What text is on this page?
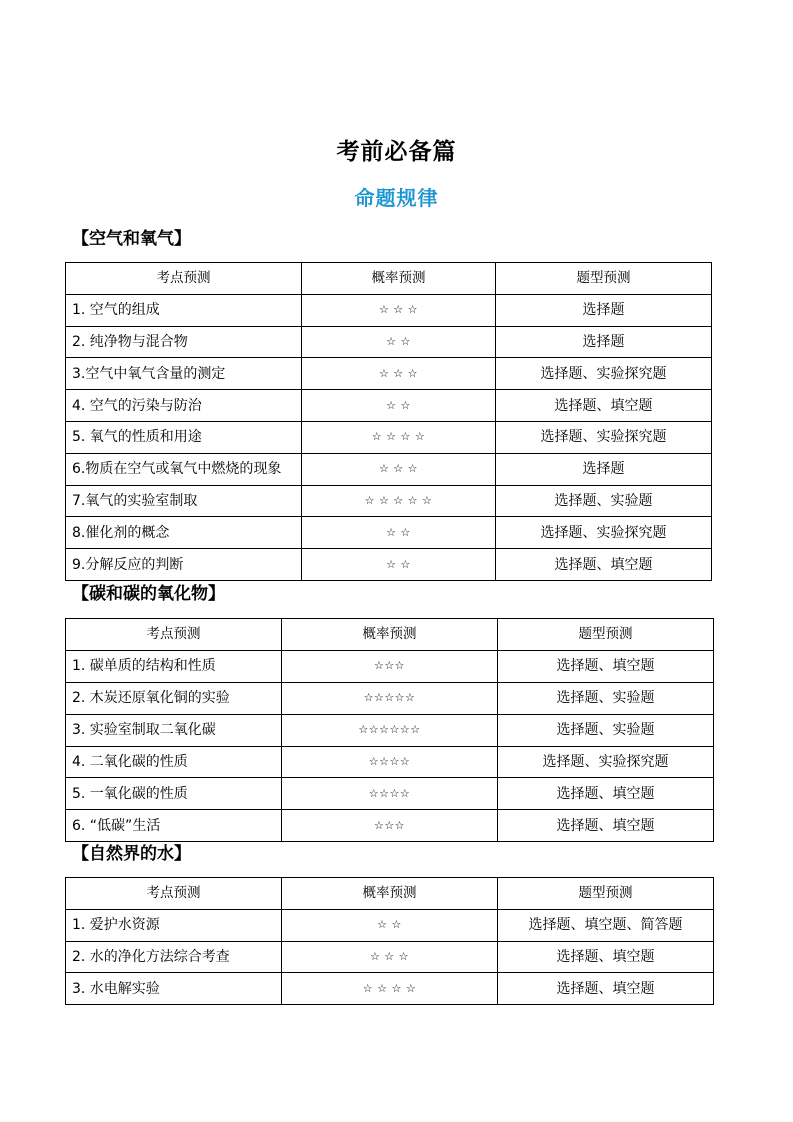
考前必备篇
命题规律
【空气和氧气】
考点预测	概率预测	题型预测
1. 空气的组成	☆ ☆ ☆	选择题
2. 纯净物与混合物	☆ ☆	选择题
3.空气中氧气含量的测定	☆ ☆ ☆	选择题、实验探究题
4. 空气的污染与防治	☆ ☆	选择题、填空题
5. 氧气的性质和用途	☆ ☆ ☆ ☆	选择题、实验探究题
6.物质在空气或氧气中燃烧的现象	☆ ☆ ☆	选择题
7.氧气的实验室制取	☆ ☆ ☆ ☆ ☆	选择题、实验题
8.催化剂的概念	☆ ☆	选择题、实验探究题
9.分解反应的判断	☆ ☆	选择题、填空题
【碳和碳的氧化物】
考点预测	概率预测	题型预测
1. 碳单质的结构和性质	☆☆☆	选择题、填空题
2. 木炭还原氧化铜的实验	☆☆☆☆☆	选择题、实验题
3. 实验室制取二氧化碳	☆☆☆☆☆☆	选择题、实验题
4. 二氧化碳的性质	☆☆☆☆	选择题、实验探究题
5. 一氧化碳的性质	☆☆☆☆	选择题、填空题
6. “低碳”生活	☆☆☆	选择题、填空题
【自然界的水】
考点预测	概率预测	题型预测
1. 爱护水资源	☆ ☆	选择题、填空题、简答题
2. 水的净化方法综合考查	☆ ☆ ☆	选择题、填空题
3. 水电解实验	☆ ☆ ☆ ☆	选择题、填空题
